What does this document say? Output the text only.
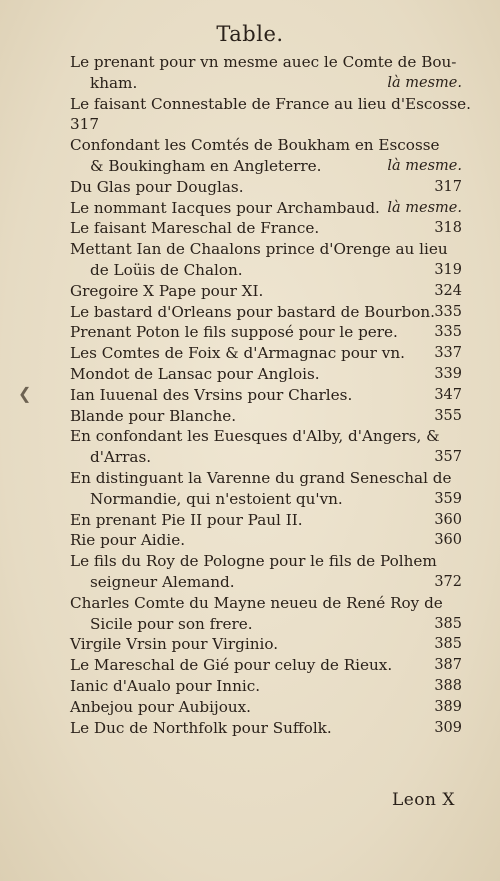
❮
Table.
Le prenant pour vn mesme auec le Comte de Bou-
kham.	là mesme.
Le faisant Connestable de France au lieu d'Escosse.
317
Confondant les Comtés de Boukham en Escosse
& Boukingham en Angleterre.	là mesme.
Du Glas pour Douglas.	317
Le nommant Iacques pour Archambaud. là mesme.
Le faisant Mareschal de France.	318
Mettant Ian de Chaalons prince d'Orenge au lieu
de Loüis de Chalon.	319
Gregoire X Pape pour XI.	324
Le bastard d'Orleans pour bastard de Bourbon. 335
Prenant Poton le fils supposé pour le pere.	335
Les Comtes de Foix & d'Armagnac pour vn. 337
Mondot de Lansac pour Anglois.	339
Ian Iuuenal des Vrsins pour Charles.	347
Blande pour Blanche.	355
En confondant les Euesques d'Alby, d'Angers, &
d'Arras.	357
En distinguant la Varenne du grand Seneschal de
Normandie, qui n'estoient qu'vn.	359
En prenant Pie II pour Paul II.	360
Rie pour Aidie.	360
Le fils du Roy de Pologne pour le fils de Polhem
seigneur Alemand.	372
Charles Comte du Mayne neueu de René Roy de
Sicile pour son frere.	385
Virgile Vrsin pour Virginio.	385
Le Mareschal de Gié pour celuy de Rieux.	387
Ianic d'Aualo pour Innic.	388
Anbejou pour Aubijoux.	389
Le Duc de Northfolk pour Suffolk.	309
Leon X
